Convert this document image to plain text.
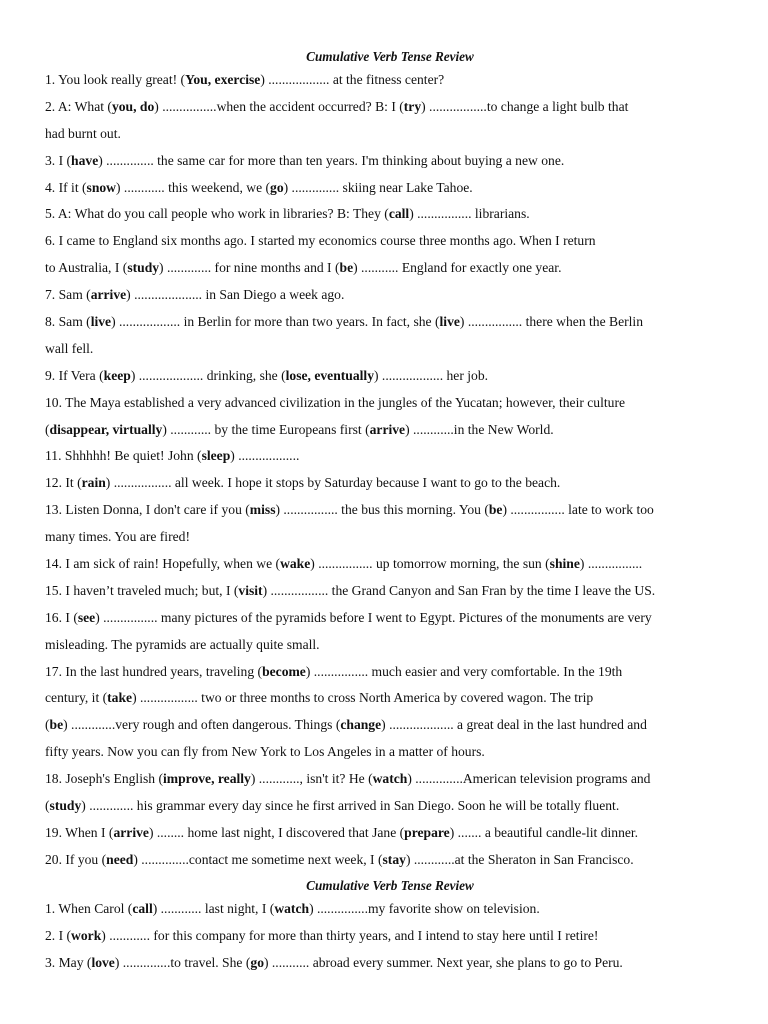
Cumulative Verb Tense Review
1. You look really great! (You, exercise) .................. at the fitness center?
2. A: What (you, do) ................when the accident occurred? B: I (try) .................to change a light bulb that
had burnt out.
3. I (have) .............. the same car for more than ten years. I'm thinking about buying a new one.
4. If it (snow) ............ this weekend, we (go) .............. skiing near Lake Tahoe.
5. A: What do you call people who work in libraries? B: They (call) ................ librarians.
6. I came to England six months ago. I started my economics course three months ago. When I return
to Australia, I (study) ............. for nine months and I (be) ........... England for exactly one year.
7. Sam (arrive) .................... in San Diego a week ago.
8. Sam (live) .................. in Berlin for more than two years. In fact, she (live) ................ there when the Berlin
wall fell.
9. If Vera (keep) ................... drinking, she (lose, eventually) .................. her job.
10. The Maya established a very advanced civilization in the jungles of the Yucatan; however, their culture
(disappear, virtually) ............ by the time Europeans first (arrive) ............in the New World.
11. Shhhhh! Be quiet! John (sleep) ..................
12. It (rain) ................. all week. I hope it stops by Saturday because I want to go to the beach.
13. Listen Donna, I don't care if you (miss) ................ the bus this morning. You (be) ................ late to work too
many times. You are fired!
14. I am sick of rain! Hopefully, when we (wake) ................ up tomorrow morning, the sun (shine) ................
15. I haven’t traveled much; but, I (visit) ................. the Grand Canyon and San Fran by the time I leave the US.
16. I (see) ................ many pictures of the pyramids before I went to Egypt. Pictures of the monuments are very
misleading. The pyramids are actually quite small.
17. In the last hundred years, traveling (become) ................ much easier and very comfortable. In the 19th
century, it (take) ................. two or three months to cross North America by covered wagon. The trip
(be) .............very rough and often dangerous. Things (change) ................... a great deal in the last hundred and
fifty years. Now you can fly from New York to Los Angeles in a matter of hours.
18. Joseph's English (improve, really) ............, isn't it? He (watch) ..............American television programs and
(study) ............. his grammar every day since he first arrived in San Diego. Soon he will be totally fluent.
19. When I (arrive) ........ home last night, I discovered that Jane (prepare) ....... a beautiful candle-lit dinner.
20. If you (need) ..............contact me sometime next week, I (stay) ............at the Sheraton in San Francisco.
Cumulative Verb Tense Review
1. When Carol (call) ............ last night, I (watch) ...............my favorite show on television.
2. I (work) ............ for this company for more than thirty years, and I intend to stay here until I retire!
3. May (love) ..............to travel. She (go) ........... abroad every summer. Next year, she plans to go to Peru.
